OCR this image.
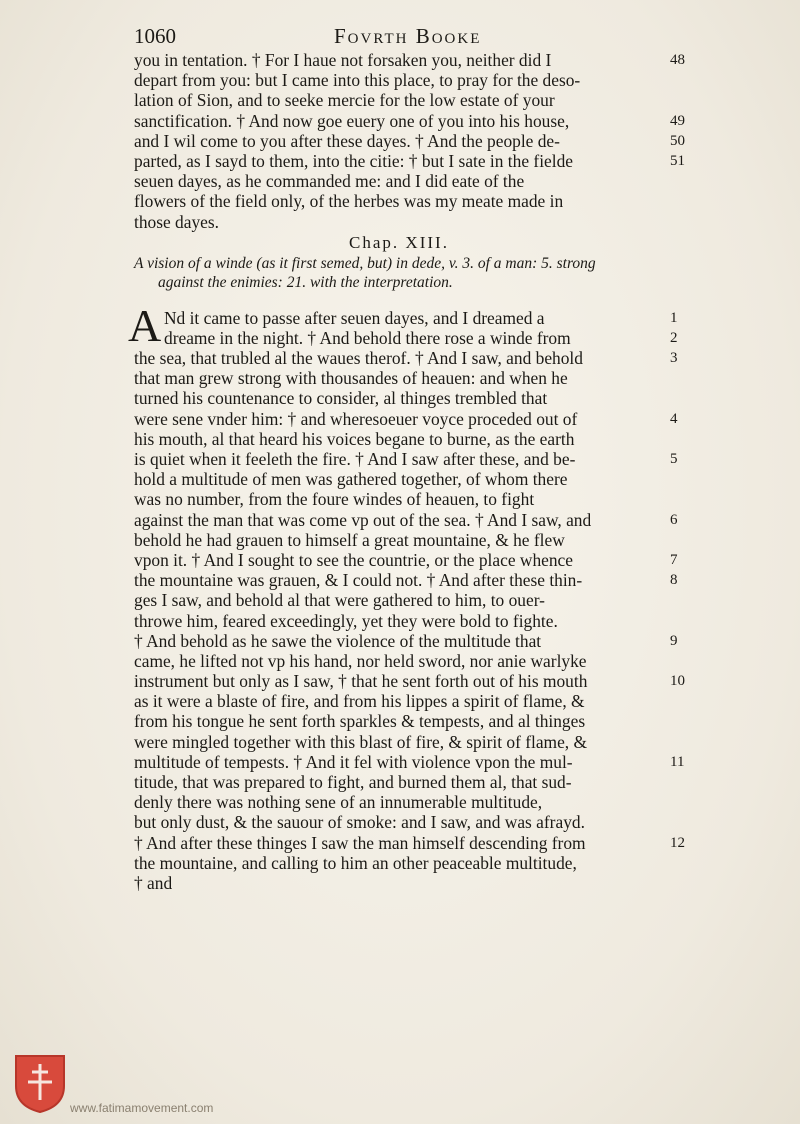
1060	Fovrth Booke
you in tentation. † For I haue not forsaken you, neither did I	48
depart from you: but I came into this place, to pray for the deso-
lation of Sion, and to seeke mercie for the low estate of your
sanctification. † And now goe euery one of you into his house,	49
and I wil come to you after these dayes. † And the people de-	50
parted, as I sayd to them, into the citie: † but I sate in the fielde	51
seuen dayes, as he commanded me: and I did eate of the
flowers of the field only, of the herbes was my meate made in
those dayes.
Chap. XIII.
A vision of a winde (as it first semed, but) in dede, v. 3. of a man: 5. strong
against the enimies: 21. with the interpretation.
A Nd it came to passe after seuen dayes, and I dreamed a	1
dreame in the night. † And behold there rose a winde from	2
the sea, that trubled al the waues therof. † And I saw, and behold	3
that man grew strong with thousandes of heauen: and when he
turned his countenance to consider, al thinges trembled that
were sene vnder him: † and wheresoeuer voyce proceded out of	4
his mouth, al that heard his voices begane to burne, as the earth
is quiet when it feeleth the fire. † And I saw after these, and be-	5
hold a multitude of men was gathered together, of whom there
was no number, from the foure windes of heauen, to fight
against the man that was come vp out of the sea. † And I saw, and	6
behold he had grauen to himself a great mountaine, & he flew
vpon it. † And I sought to see the countrie, or the place whence	7
the mountaine was grauen, & I could not. † And after these thin-	8
ges I saw, and behold al that were gathered to him, to ouer-
throwe him, feared exceedingly, yet they were bold to fighte.
† And behold as he sawe the violence of the multitude that	9
came, he lifted not vp his hand, nor held sword, nor anie warlyke
instrument but only as I saw, † that he sent forth out of his mouth	10
as it were a blaste of fire, and from his lippes a spirit of flame, &
from his tongue he sent forth sparkles & tempests, and al thinges
were mingled together with this blast of fire, & spirit of flame, &
multitude of tempests. † And it fel with violence vpon the mul-	11
titude, that was prepared to fight, and burned them al, that sud-
denly there was nothing sene of an innumerable multitude,
but only dust, & the sauour of smoke: and I saw, and was afrayd.
† And after these thinges I saw the man himself descending from	12
the mountaine, and calling to him an other peaceable multitude,
† and
www.fatimamovement.com
